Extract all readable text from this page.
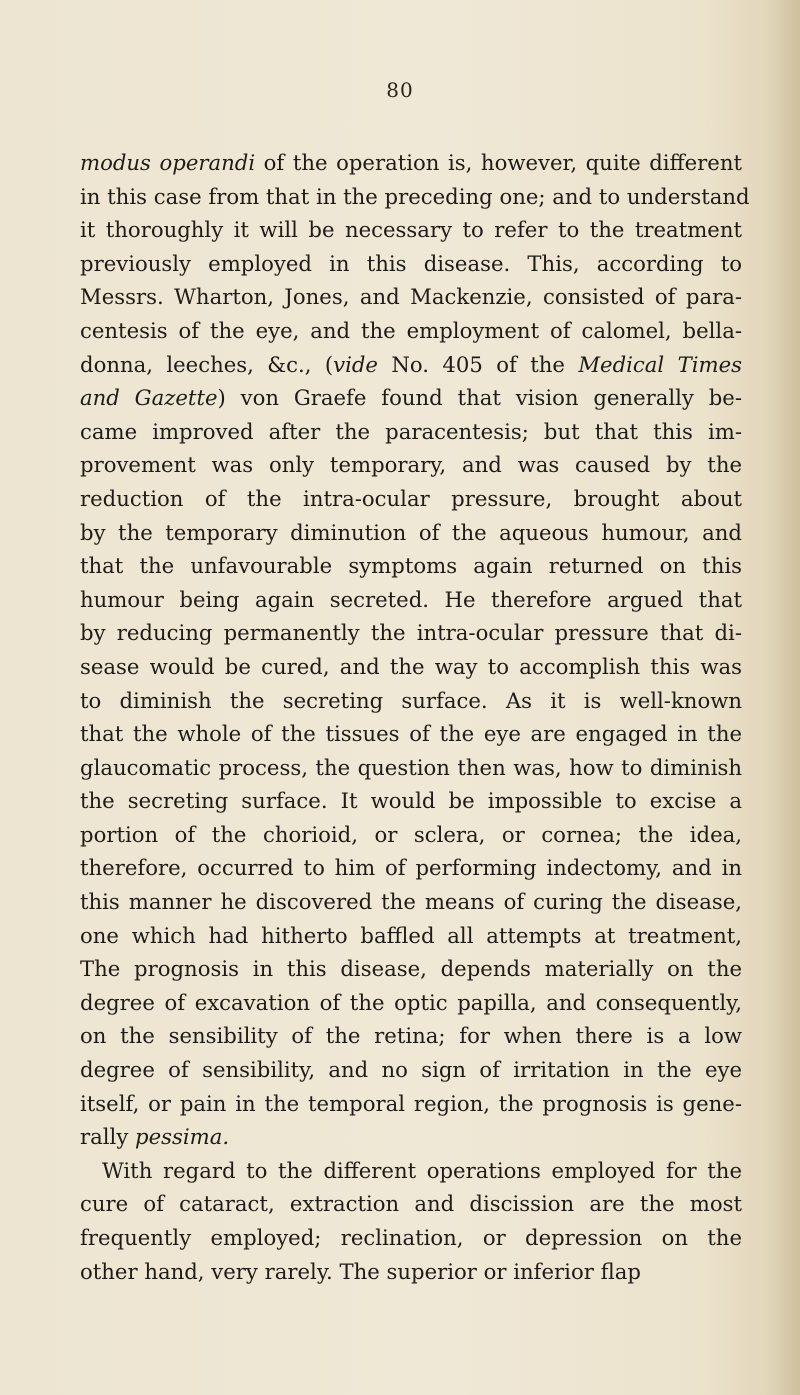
80
modus operandi of the operation is, however, quite different
in this case from that in the preceding one; and to understand
it thoroughly it will be necessary to refer to the treatment
previously employed in this disease. This, according to
Messrs. Wharton, Jones, and Mackenzie, consisted of para-
centesis of the eye, and the employment of calomel, bella-
donna, leeches, &c., (vide No. 405 of the Medical Times
and Gazette) von Graefe found that vision generally be-
came improved after the paracentesis; but that this im-
provement was only temporary, and was caused by the
reduction of the intra-ocular pressure, brought about
by the temporary diminution of the aqueous humour, and
that the unfavourable symptoms again returned on this
humour being again secreted. He therefore argued that
by reducing permanently the intra-ocular pressure that di-
sease would be cured, and the way to accomplish this was
to diminish the secreting surface. As it is well-known
that the whole of the tissues of the eye are engaged in the
glaucomatic process, the question then was, how to diminish
the secreting surface. It would be impossible to excise a
portion of the chorioid, or sclera, or cornea; the idea,
therefore, occurred to him of performing indectomy, and in
this manner he discovered the means of curing the disease,
one which had hitherto baffled all attempts at treatment,
The prognosis in this disease, depends materially on the
degree of excavation of the optic papilla, and consequently,
on the sensibility of the retina; for when there is a low
degree of sensibility, and no sign of irritation in the eye
itself, or pain in the temporal region, the prognosis is gene-
rally pessima.
With regard to the different operations employed for the
cure of cataract, extraction and discission are the most
frequently employed; reclination, or depression on the
other hand, very rarely. The superior or inferior flap
